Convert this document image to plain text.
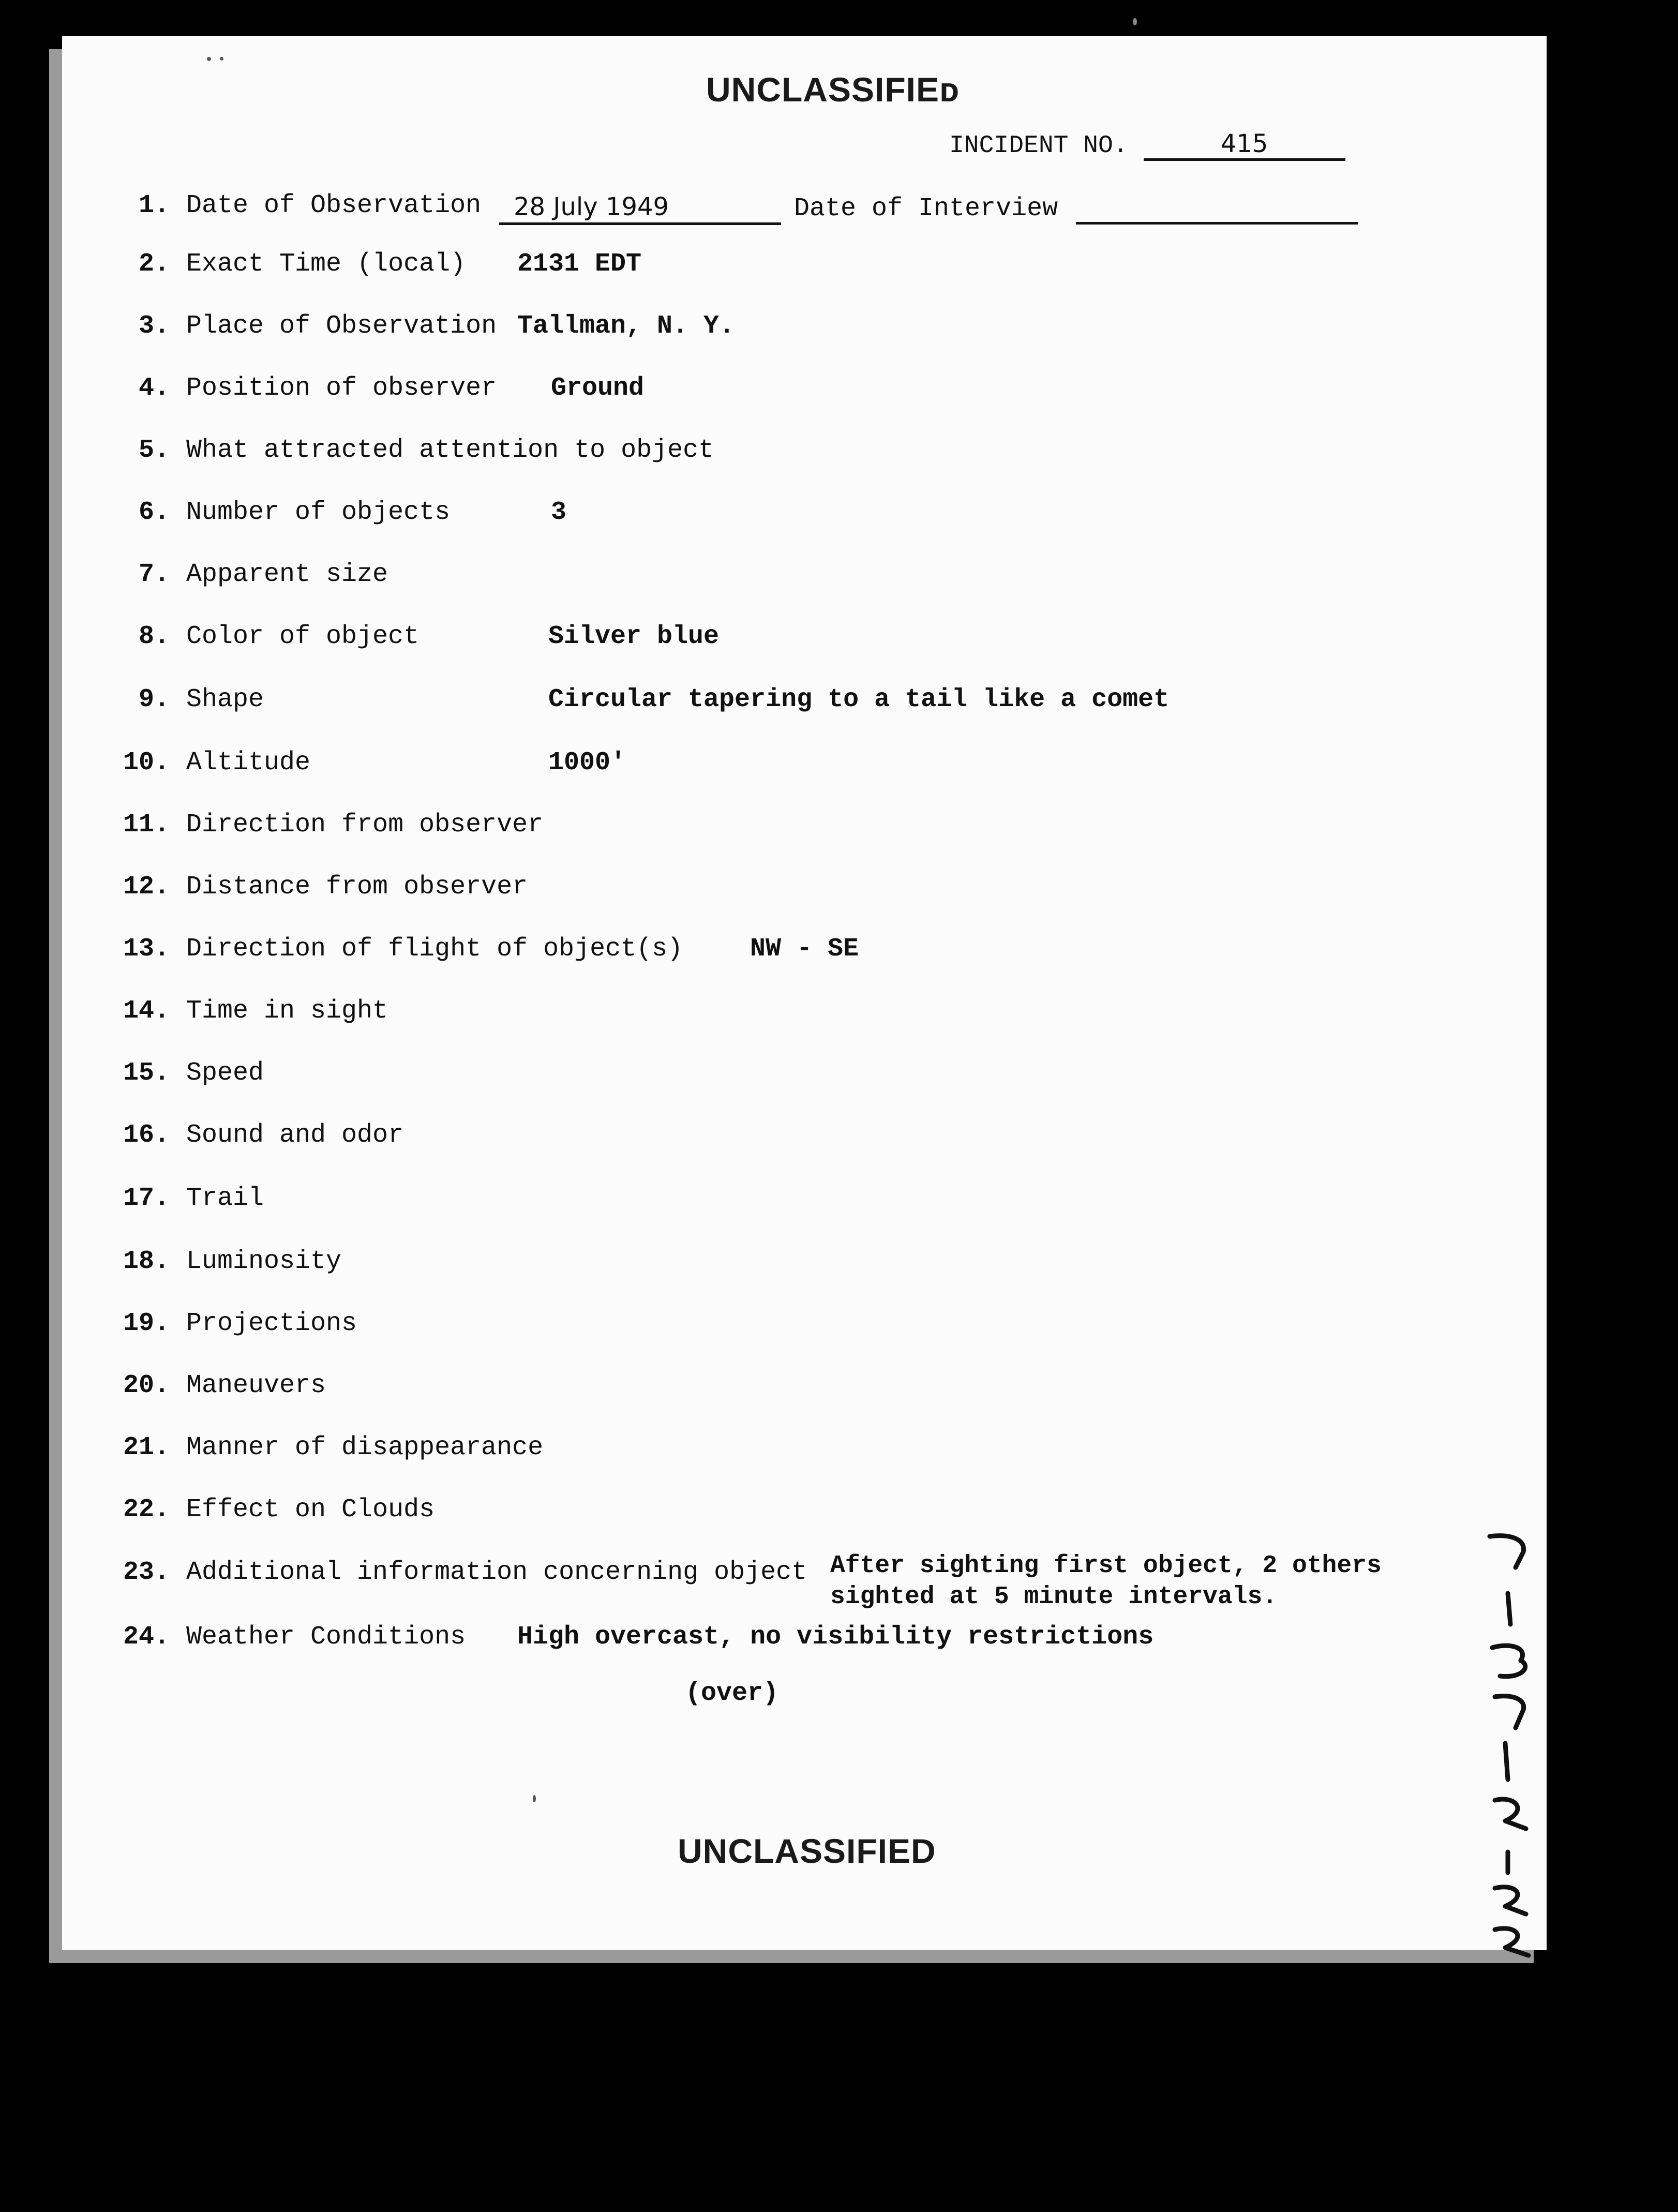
UNCLASSIFIEᴅ
INCIDENT NO.	415
1. Date of Observation	28 July 1949	Date of Interview
2. Exact Time (local) 2131 EDT
3. Place of Observation Tallman, N. Y.
4. Position of observer Ground
5. What attracted attention to object
6. Number of objects	3
7. Apparent size
8. Color of object	Silver blue
9. Shape	Circular tapering to a tail like a comet
10. Altitude	1000'
11. Direction from observer
12. Distance from observer
13. Direction of flight of object(s)	NW - SE
14. Time in sight
15. Speed
16. Sound and odor
17. Trail
18. Luminosity
19. Projections
20. Maneuvers
21. Manner of disappearance
22. Effect on Clouds
23. Additional information concerning object After sighting first object, 2 others
sighted at 5 minute intervals.
24. Weather Conditions High overcast, no visibility restrictions
(over)
UNCLASSIFIED
